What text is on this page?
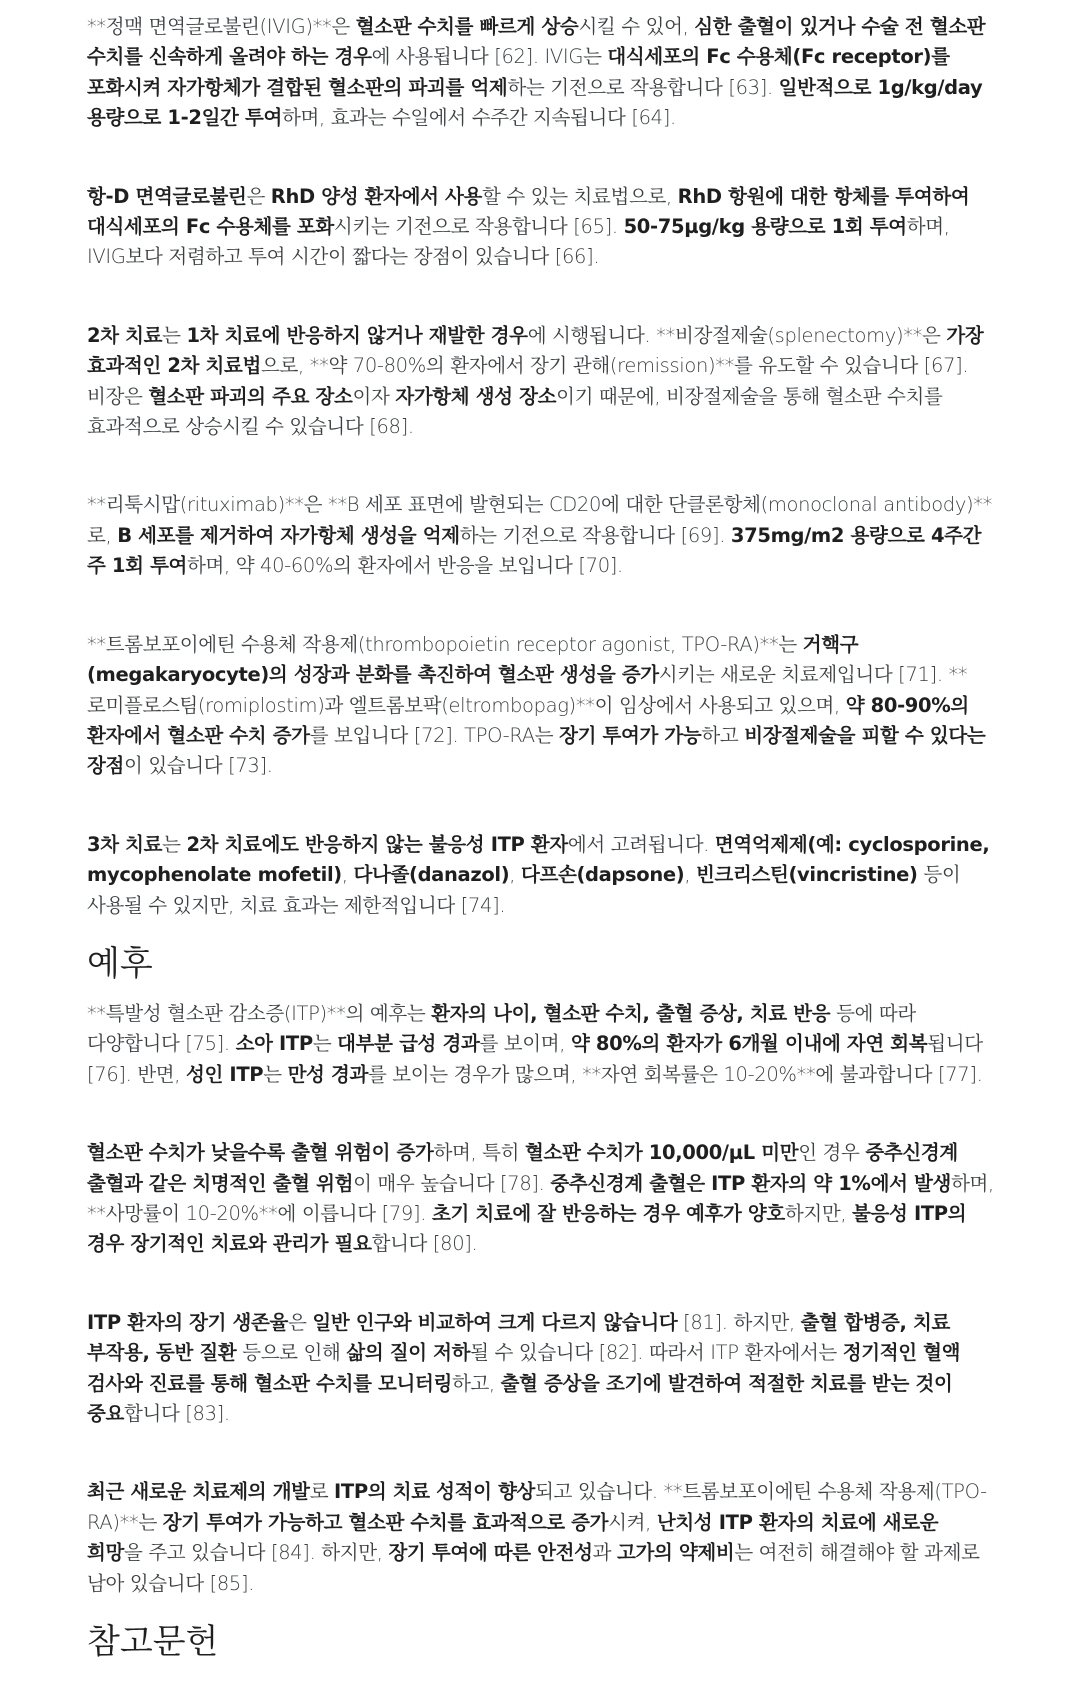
**정맥 면역글로불린(IVIG)**은 혈소판 수치를 빠르게 상승시킬 수 있어, 심한 출혈이 있거나 수술 전 혈소판 수치를 신속하게 올려야 하는 경우에 사용됩니다 [62]. IVIG는 대식세포의 Fc 수용체(Fc receptor)를 포화시켜 자가항체가 결합된 혈소판의 파괴를 억제하는 기전으로 작용합니다 [63]. 일반적으로 1g/kg/day 용량으로 1-2일간 투여하며, 효과는 수일에서 수주간 지속됩니다 [64].

항-D 면역글로불린은 RhD 양성 환자에서 사용할 수 있는 치료법으로, RhD 항원에 대한 항체를 투여하여 대식세포의 Fc 수용체를 포화시키는 기전으로 작용합니다 [65]. 50-75µg/kg 용량으로 1회 투여하며, IVIG보다 저렴하고 투여 시간이 짧다는 장점이 있습니다 [66].

2차 치료는 1차 치료에 반응하지 않거나 재발한 경우에 시행됩니다. **비장절제술(splenectomy)**은 가장 효과적인 2차 치료법으로, **약 70-80%의 환자에서 장기 관해(remission)**를 유도할 수 있습니다 [67]. 비장은 혈소판 파괴의 주요 장소이자 자가항체 생성 장소이기 때문에, 비장절제술을 통해 혈소판 수치를 효과적으로 상승시킬 수 있습니다 [68].

**리툭시맙(rituximab)**은 **B 세포 표면에 발현되는 CD20에 대한 단클론항체(monoclonal antibody)**로, B 세포를 제거하여 자가항체 생성을 억제하는 기전으로 작용합니다 [69]. 375mg/m2 용량으로 4주간 주 1회 투여하며, 약 40-60%의 환자에서 반응을 보입니다 [70].

**트롬보포이에틴 수용체 작용제(thrombopoietin receptor agonist, TPO-RA)**는 거핵구(megakaryocyte)의 성장과 분화를 촉진하여 혈소판 생성을 증가시키는 새로운 치료제입니다 [71]. **로미플로스팀(romiplostim)과 엘트롬보팍(eltrombopag)**이 임상에서 사용되고 있으며, 약 80-90%의 환자에서 혈소판 수치 증가를 보입니다 [72]. TPO-RA는 장기 투여가 가능하고 비장절제술을 피할 수 있다는 장점이 있습니다 [73].

3차 치료는 2차 치료에도 반응하지 않는 불응성 ITP 환자에서 고려됩니다. 면역억제제(예: cyclosporine, mycophenolate mofetil), 다나졸(danazol), 다프손(dapsone), 빈크리스틴(vincristine) 등이 사용될 수 있지만, 치료 효과는 제한적입니다 [74].

예후

**특발성 혈소판 감소증(ITP)**의 예후는 환자의 나이, 혈소판 수치, 출혈 증상, 치료 반응 등에 따라 다양합니다 [75]. 소아 ITP는 대부분 급성 경과를 보이며, 약 80%의 환자가 6개월 이내에 자연 회복됩니다 [76]. 반면, 성인 ITP는 만성 경과를 보이는 경우가 많으며, **자연 회복률은 10-20%**에 불과합니다 [77].

혈소판 수치가 낮을수록 출혈 위험이 증가하며, 특히 혈소판 수치가 10,000/µL 미만인 경우 중추신경계 출혈과 같은 치명적인 출혈 위험이 매우 높습니다 [78]. 중추신경계 출혈은 ITP 환자의 약 1%에서 발생하며, **사망률이 10-20%**에 이릅니다 [79]. 초기 치료에 잘 반응하는 경우 예후가 양호하지만, 불응성 ITP의 경우 장기적인 치료와 관리가 필요합니다 [80].

ITP 환자의 장기 생존율은 일반 인구와 비교하여 크게 다르지 않습니다 [81]. 하지만, 출혈 합병증, 치료 부작용, 동반 질환 등으로 인해 삶의 질이 저하될 수 있습니다 [82]. 따라서 ITP 환자에서는 정기적인 혈액 검사와 진료를 통해 혈소판 수치를 모니터링하고, 출혈 증상을 조기에 발견하여 적절한 치료를 받는 것이 중요합니다 [83].

최근 새로운 치료제의 개발로 ITP의 치료 성적이 향상되고 있습니다. **트롬보포이에틴 수용체 작용제(TPO-RA)**는 장기 투여가 가능하고 혈소판 수치를 효과적으로 증가시켜, 난치성 ITP 환자의 치료에 새로운 희망을 주고 있습니다 [84]. 하지만, 장기 투여에 따른 안전성과 고가의 약제비는 여전히 해결해야 할 과제로 남아 있습니다 [85].

참고문헌
